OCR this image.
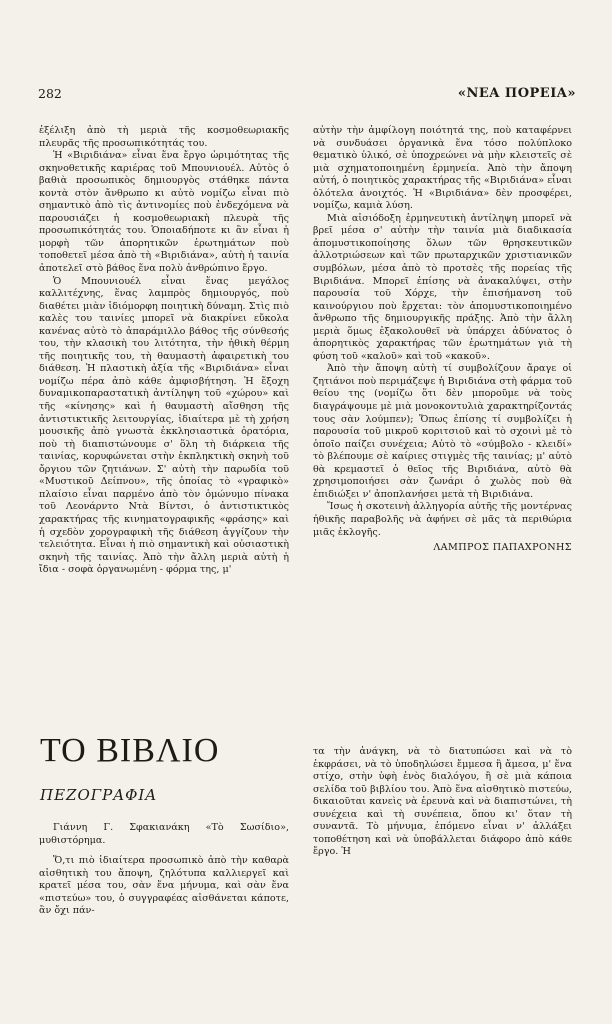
282	«ΝΕΑ ΠΟΡΕΙΑ»

ἐξέλιξη ἀπὸ τὴ μεριὰ τῆς κοσμοθεωριακῆς πλευρᾶς τῆς προσωπικότητάς του.

Ἡ «Βιριδιάνα» εἶναι ἕνα ἔργο ὡριμότητας τῆς σκηνοθετικῆς καριέρας τοῦ Μπουνιουέλ. Αὐτὸς ὁ βαθιὰ προσωπικὸς δημιουργὸς στάθηκε πάντα κοντὰ στὸν ἄνθρωπο κι αὐτὸ νομίζω εἶναι πιὸ σημαντικὸ ἀπὸ τὶς ἀντινομίες ποὺ ἐνδεχόμενα νὰ παρουσιάζει ἡ κοσμοθεωριακὴ πλευρὰ τῆς προσωπικότητάς του. Ὁποιαδήποτε κι ἂν εἶναι ἡ μορφὴ τῶν ἀπορητικῶν ἐρωτημάτων ποὺ τοποθετεῖ μέσα ἀπὸ τὴ «Βιριδιάνα», αὐτὴ ἡ ταινία ἀποτελεῖ στὸ βάθος ἕνα πολὺ ἀνθρώπινο ἔργο.

Ὁ Μπουνιουέλ εἶναι ἕνας μεγάλος καλλιτέχνης, ἕνας λαμπρὸς δημιουργός, ποὺ διαθέτει μιὰν ἰδιόμορφη ποιητικὴ δύναμη. Στὶς πιὸ καλὲς του ταινίες μπορεῖ νὰ διακρίνει εὔκολα κανένας αὐτὸ τὸ ἀπαράμιλλο βάθος τῆς σύνθεσής του, τὴν κλασικὴ του λιτότητα, τὴν ἠθικὴ θέρμη τῆς ποιητικῆς του, τὴ θαυμαστὴ ἀφαιρετικὴ του διάθεση. Ἡ πλαστικὴ ἀξία τῆς «Βιριδιάνα» εἶναι νομίζω πέρα ἀπὸ κάθε ἀμφισβήτηση. Ἡ ἔξοχη δυναμικοπαραστατικὴ ἀντίληψη τοῦ «χώρου» καὶ τῆς «κίνησης» καὶ ἡ θαυμαστὴ αἴσθηση τῆς ἀντιστικτικῆς λειτουργίας, ἰδιαίτερα μὲ τὴ χρήση μουσικῆς ἀπὸ γνωστὰ ἐκκλησιαστικὰ ὀρατόρια, ποὺ τὴ διαπιστώνουμε σ' ὅλη τὴ διάρκεια τῆς ταινίας, κορυφώνεται στὴν ἐκπληκτικὴ σκηνὴ τοῦ ὄργιου τῶν ζητιάνων. Σ' αὐτὴ τὴν παρωδία τοῦ «Μυστικοῦ Δείπνου», τῆς ὁποίας τὸ «γραφικὸ» πλαίσιο εἶναι παρμένο ἀπὸ τὸν ὁμώνυμο πίνακα τοῦ Λεονάρντο Ντὰ Βίντσι, ὁ ἀντιστικτικὸς χαρακτήρας τῆς κινηματογραφικῆς «φράσης» καὶ ἡ σχεδὸν χορογραφικὴ τῆς διάθεση ἀγγίζουν τὴν τελειότητα. Εἶναι ἡ πιὸ σημαντικὴ καὶ οὐσιαστικὴ σκηνὴ τῆς ταινίας. Ἀπὸ τὴν ἄλλη μεριὰ αὐτὴ ἡ ἴδια - σοφὰ ὀργανωμένη - φόρμα της, μ'

αὐτὴν τὴν ἀμφίλογη ποιότητά της, ποὺ καταφέρνει νὰ συνδυάσει ὀργανικὰ ἕνα τόσο πολύπλοκο θεματικὸ ὑλικό, σὲ ὑποχρεώνει νὰ μὴν κλειστεῖς σὲ μιὰ σχηματοποιημένη ἑρμηνεία. Ἀπὸ τὴν ἄποψη αὐτή, ὁ ποιητικὸς χαρακτήρας τῆς «Βιριδιάνα» εἶναι ὁλότελα ἀνοιχτός. Ἡ «Βιριδιάνα» δὲν προσφέρει, νομίζω, καμιὰ λύση.

Μιὰ αἰσιόδοξη ἑρμηνευτικὴ ἀντίληψη μπορεῖ νὰ βρεῖ μέσα σ' αὐτὴν τὴν ταινία μιὰ διαδικασία ἀπομυστικοποίησης ὅλων τῶν θρησκευτικῶν ἀλλοτριώσεων καὶ τῶν πρωταρχικῶν χριστιανικῶν συμβόλων, μέσα ἀπὸ τὸ προτσὲς τῆς πορείας τῆς Βιριδιάνα. Μπορεῖ ἐπίσης νὰ ἀνακαλύψει, στὴν παρουσία τοῦ Χόρχε, τὴν ἐπισήμανση τοῦ καινούργιου ποὺ ἔρχεται: τὸν ἀπομυστικοποιημένο ἄνθρωπο τῆς δημιουργικῆς πράξης. Ἀπὸ τὴν ἄλλη μεριὰ ὅμως ἐξακολουθεῖ νὰ ὑπάρχει ἀδύνατος ὁ ἀπορητικὸς χαρακτήρας τῶν ἐρωτημάτων γιὰ τὴ φύση τοῦ «καλοῦ» καὶ τοῦ «κακοῦ».

Ἀπὸ τὴν ἄποψη αὐτὴ τί συμβολίζουν ἄραγε οἱ ζητιάνοι ποὺ περιμάζεψε ἡ Βιριδιάνα στὴ φάρμα τοῦ θείου της (νομίζω ὅτι δὲν μποροῦμε νὰ τοὺς διαγράψουμε μὲ μιὰ μονοκοντυλιὰ χαρακτηρίζοντάς τους σὰν λούμπεν); Ὅπως ἐπίσης τί συμβολίζει ἡ παρουσία τοῦ μικροῦ κοριτσιοῦ καὶ τὸ σχοινὶ μὲ τὸ ὁποῖο παίζει συνέχεια; Αὐτὸ τὸ «σύμβολο - κλειδί» τὸ βλέπουμε σὲ καίριες στιγμὲς τῆς ταινίας; μ' αὐτὸ θὰ κρεμαστεῖ ὁ θεῖος τῆς Βιριδιάνα, αὐτὸ θὰ χρησιμοποιήσει σὰν ζωνάρι ὁ χωλὸς ποὺ θὰ ἐπιδιώξει ν' ἀποπλανήσει μετὰ τὴ Βιριδιάνα.

Ἴσως ἡ σκοτεινὴ ἀλληγορία αὐτῆς τῆς μοντέρνας ἠθικῆς παραβολῆς νὰ ἀφήνει σὲ μᾶς τὰ περιθώρια μιᾶς ἐκλογῆς.

ΛΑΜΠΡΟΣ ΠΑΠΑΧΡΟΝΗΣ

ΤΟ ΒΙΒΛΙΟ
ΠΕΖΟΓΡΑΦΙΑ

Γιάννη Γ. Σφακιανάκη «Τὸ Σωσίδιο», μυθιστόρημα.

Ὅ,τι πιὸ ἰδιαίτερα προσωπικὸ ἀπὸ τὴν καθαρὰ αἰσθητικὴ του ἄποψη, ζηλότυπα καλλιεργεῖ καὶ κρατεῖ μέσα του, σὰν ἕνα μήνυμα, καὶ σὰν ἕνα «πιστεύω» του, ὁ συγγραφέας αἰσθάνεται κάποτε, ἂν ὄχι πάν-

τα τὴν ἀνάγκη, νὰ τὸ διατυπώσει καὶ νὰ τὸ ἐκφράσει, νὰ τὸ ὑποδηλώσει ἔμμεσα ἢ ἄμεσα, μ' ἕνα στίχο, στὴν ὑφὴ ἑνὸς διαλόγου, ἢ σὲ μιὰ κάποια σελίδα τοῦ βιβλίου του. Ἀπὸ ἕνα αἰσθητικὸ πιστεύω, δικαιοῦται κανεὶς νὰ ἐρευνὰ καὶ νὰ διαπιστώνει, τὴ συνέχεια καὶ τὴ συνέπεια, ὅπου κι' ὅταν τὴ συναντᾶ. Τὸ μήνυμα, ἑπόμενο εἶναι ν' ἀλλάξει τοποθέτηση καὶ νὰ ὑποβάλλεται διάφορο ἀπὸ κάθε ἔργο. Ἡ
